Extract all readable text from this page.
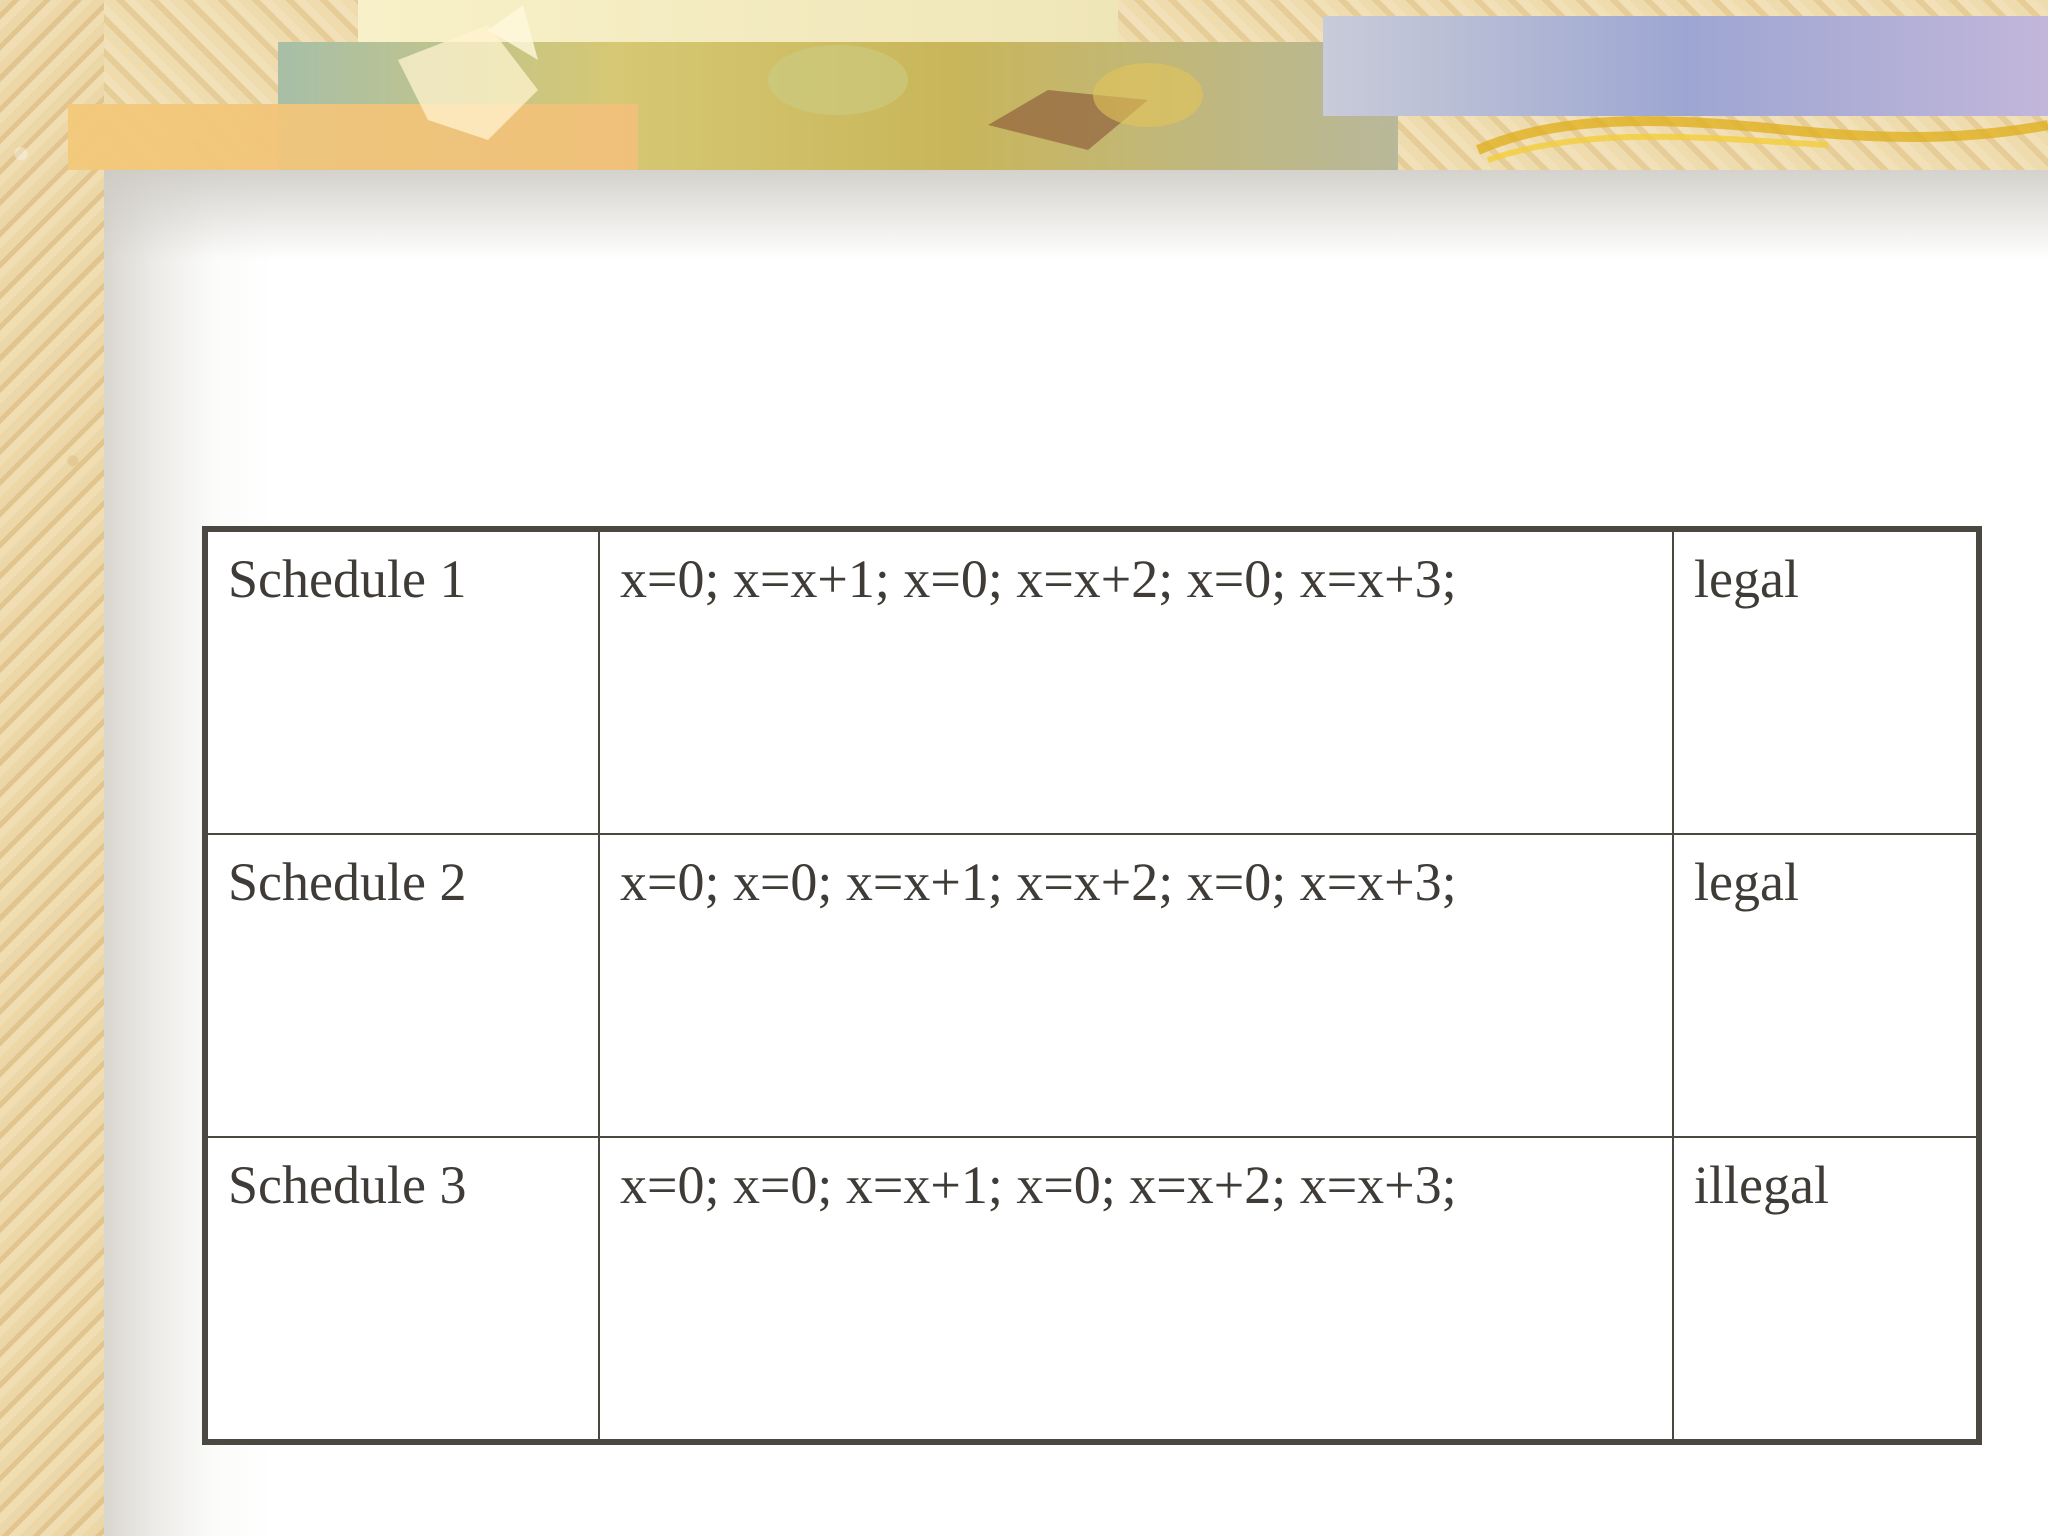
Schedule 1	x=0; x=x+1; x=0; x=x+2; x=0; x=x+3;	legal
Schedule 2	x=0; x=0; x=x+1; x=x+2; x=0; x=x+3;	legal
Schedule 3	x=0; x=0; x=x+1; x=0; x=x+2; x=x+3;	illegal
